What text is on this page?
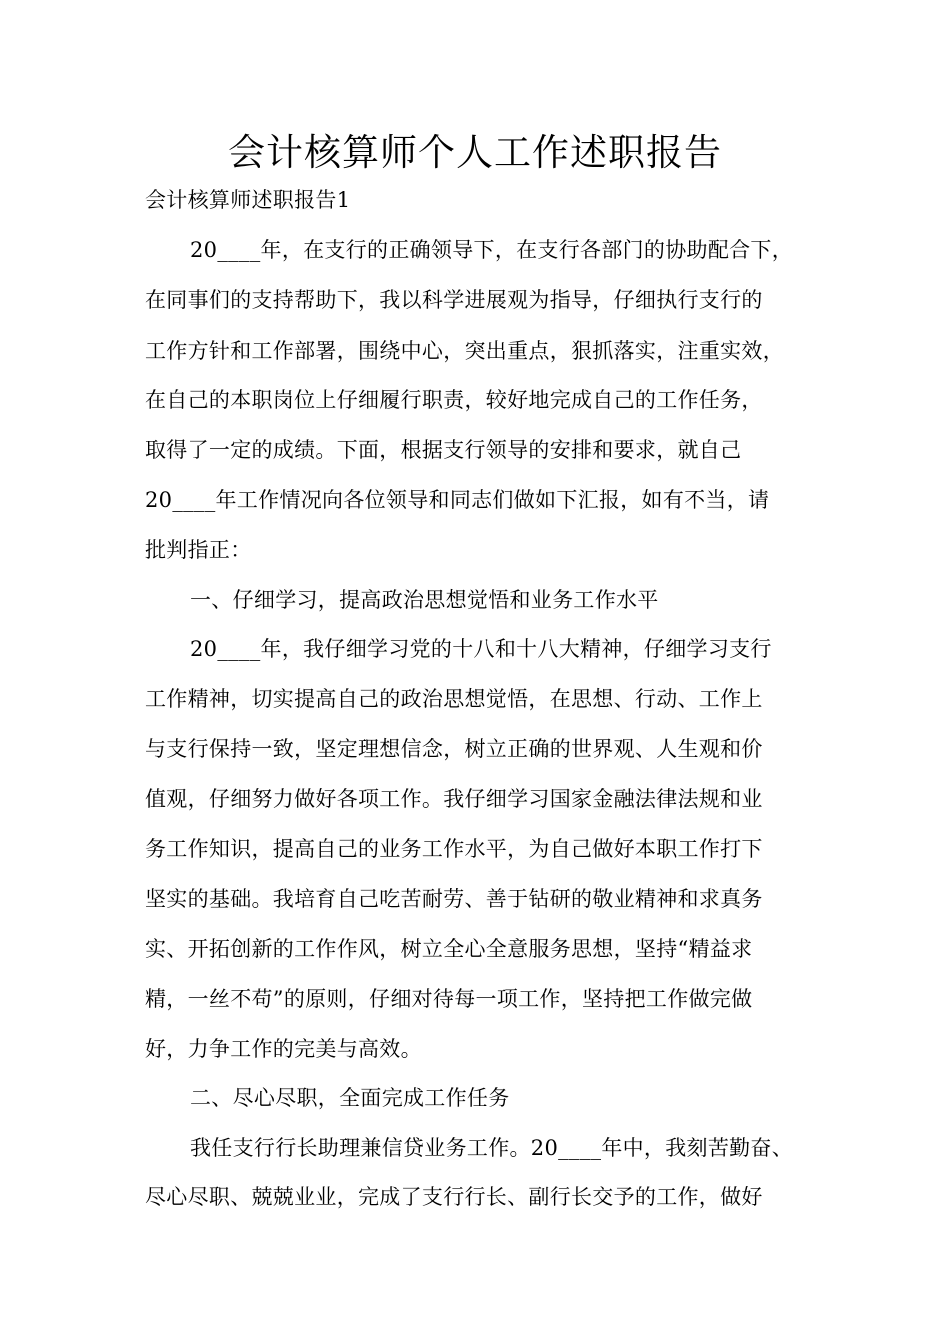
会计核算师个人工作述职报告
会计核算师述职报告1
20____年，在支行的正确领导下，在支行各部门的协助配合下，
在同事们的支持帮助下，我以科学进展观为指导，仔细执行支行的
工作方针和工作部署，围绕中心，突出重点，狠抓落实，注重实效，
在自己的本职岗位上仔细履行职责，较好地完成自己的工作任务，
取得了一定的成绩。下面，根据支行领导的安排和要求，就自己
20____年工作情况向各位领导和同志们做如下汇报，如有不当，请
批判指正：
一、仔细学习，提高政治思想觉悟和业务工作水平
20____年，我仔细学习党的十八和十八大精神，仔细学习支行
工作精神，切实提高自己的政治思想觉悟，在思想、行动、工作上
与支行保持一致，坚定理想信念，树立正确的世界观、人生观和价
值观，仔细努力做好各项工作。我仔细学习国家金融法律法规和业
务工作知识，提高自己的业务工作水平，为自己做好本职工作打下
坚实的基础。我培育自己吃苦耐劳、善于钻研的敬业精神和求真务
实、开拓创新的工作作风，树立全心全意服务思想，坚持“精益求
精，一丝不苟”的原则，仔细对待每一项工作，坚持把工作做完做
好，力争工作的完美与高效。
二、尽心尽职，全面完成工作任务
我任支行行长助理兼信贷业务工作。20____年中，我刻苦勤奋、
尽心尽职、兢兢业业，完成了支行行长、副行长交予的工作，做好
